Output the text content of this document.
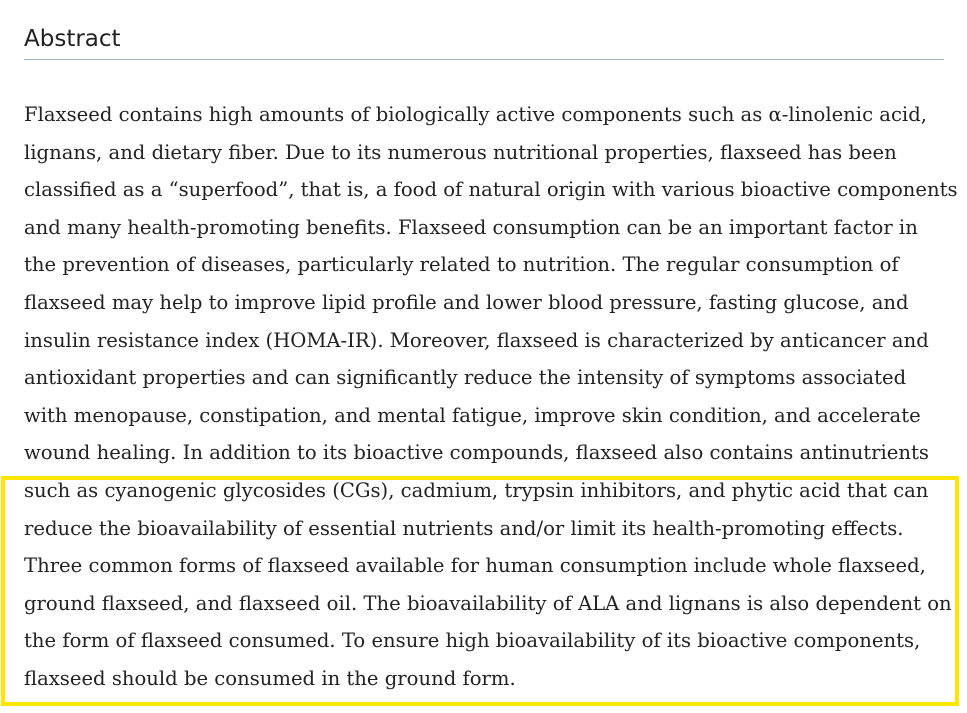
Abstract
Flaxseed contains high amounts of biologically active components such as α-linolenic acid,
lignans, and dietary fiber. Due to its numerous nutritional properties, flaxseed has been
classified as a “superfood”, that is, a food of natural origin with various bioactive components
and many health-promoting benefits. Flaxseed consumption can be an important factor in
the prevention of diseases, particularly related to nutrition. The regular consumption of
flaxseed may help to improve lipid profile and lower blood pressure, fasting glucose, and
insulin resistance index (HOMA-IR). Moreover, flaxseed is characterized by anticancer and
antioxidant properties and can significantly reduce the intensity of symptoms associated
with menopause, constipation, and mental fatigue, improve skin condition, and accelerate
wound healing. In addition to its bioactive compounds, flaxseed also contains antinutrients
such as cyanogenic glycosides (CGs), cadmium, trypsin inhibitors, and phytic acid that can
reduce the bioavailability of essential nutrients and/or limit its health-promoting effects.
Three common forms of flaxseed available for human consumption include whole flaxseed,
ground flaxseed, and flaxseed oil. The bioavailability of ALA and lignans is also dependent on
the form of flaxseed consumed. To ensure high bioavailability of its bioactive components,
flaxseed should be consumed in the ground form.
